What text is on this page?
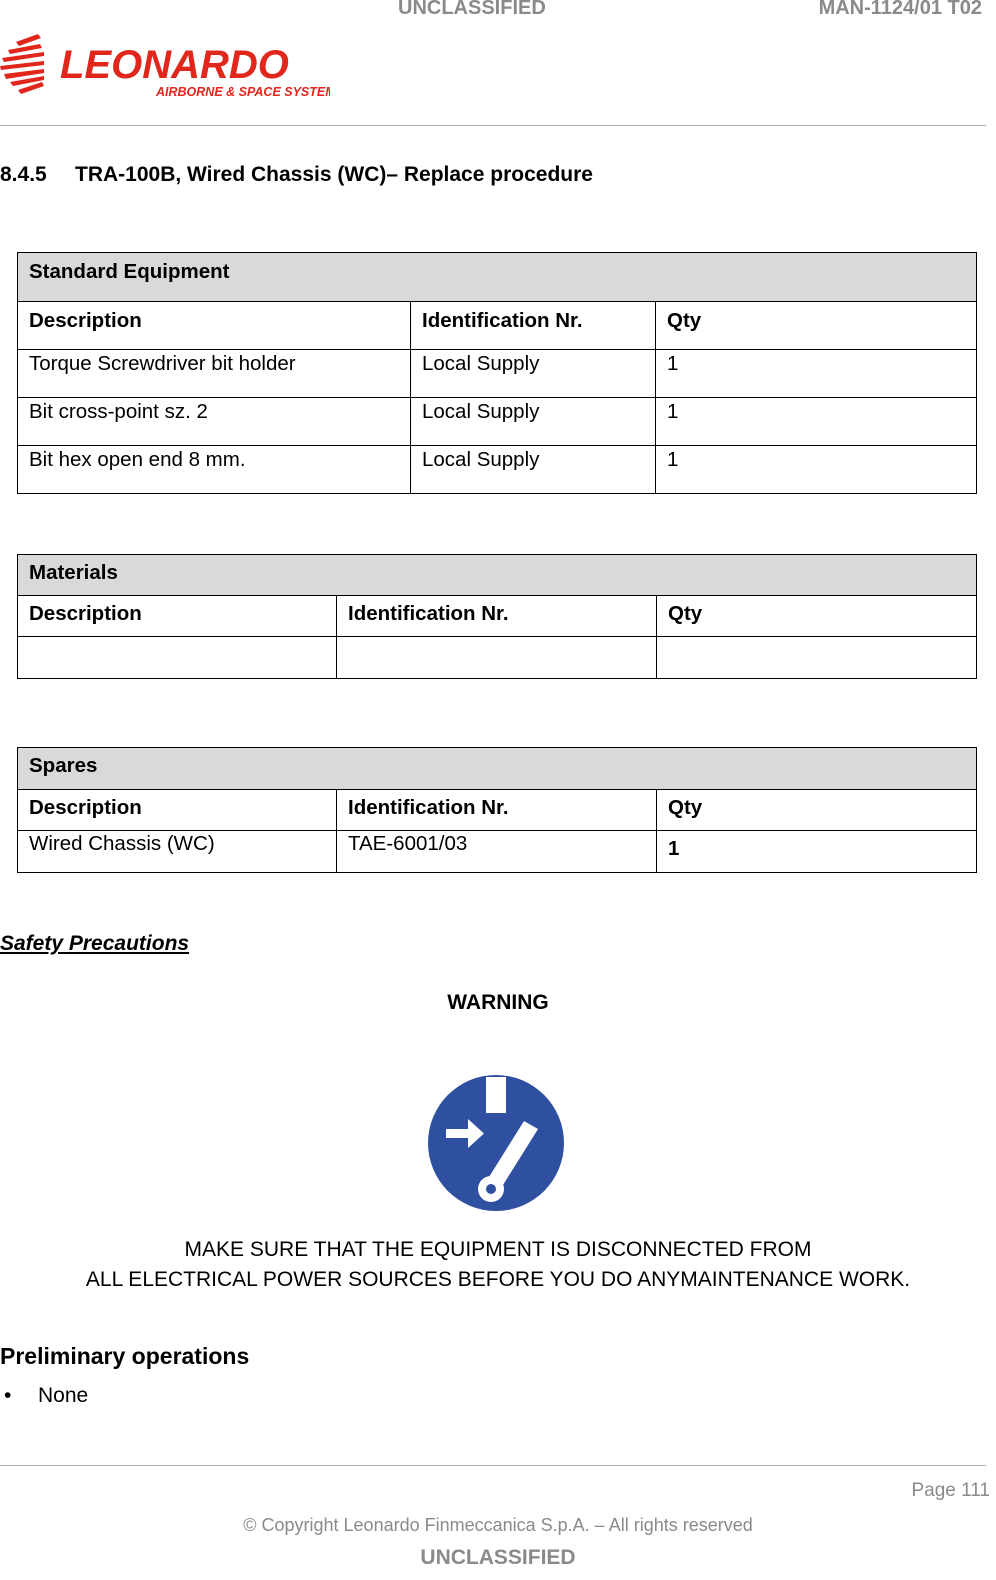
UNCLASSIFIED	MAN-1124/01 T02
LEONARDO
AIRBORNE & SPACE SYSTEMS
8.4.5 TRA-100B, Wired Chassis (WC)– Replace procedure
Standard Equipment		
Description	Identification Nr.	Qty
Torque Screwdriver bit holder	Local Supply	1
Bit cross-point sz. 2	Local Supply	1
Bit hex open end 8 mm.	Local Supply	1
Materials		
Description	Identification Nr.	Qty

Spares		
Description	Identification Nr.	Qty
Wired Chassis (WC)	TAE-6001/03	1
Safety Precautions
WARNING
MAKE SURE THAT THE EQUIPMENT IS DISCONNECTED FROM
ALL ELECTRICAL POWER SOURCES BEFORE YOU DO ANYMAINTENANCE WORK.
Preliminary operations
• None
Page 111
© Copyright Leonardo Finmeccanica S.p.A. – All rights reserved
UNCLASSIFIED
